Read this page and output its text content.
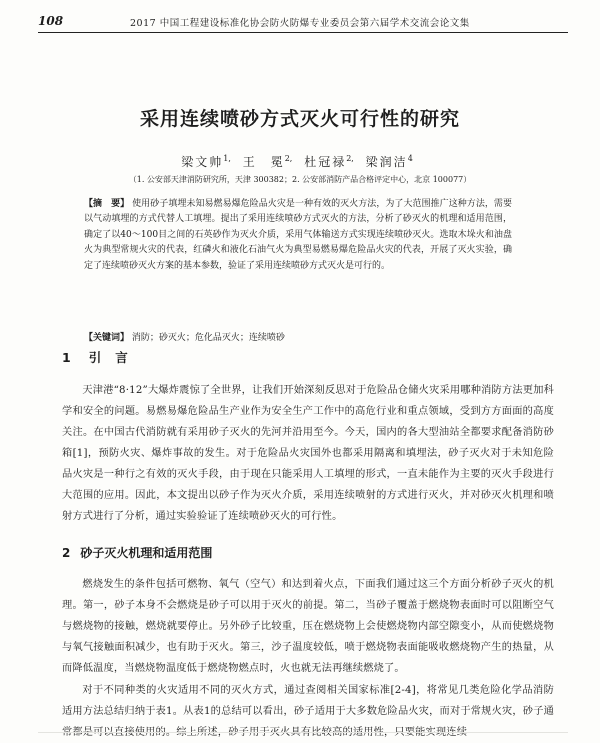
108	2017 中国工程建设标准化协会防火防爆专业委员会第六届学术交流会论文集
采用连续喷砂方式灭火可行性的研究
梁文帅$^{1,}$ 王　冕$^{2,}$ 杜冠禄$^{2,}$ 梁润洁$^4$
（1. 公安部天津消防研究所，天津 300382；2. 公安部消防产品合格评定中心，北京 100077）
【摘　要】 使用砂子填埋未知易燃易爆危险品火灾是一种有效的灭火方法，为了大范围推广这种方法，需要以气动填埋的方式代替人工填埋。提出了采用连续喷砂方式灭火的方法，分析了砂灭火的机理和适用范围，确定了以40～100目之间的石英砂作为灭火介质，采用气体输送方式实现连续喷砂灭火。选取木垛火和油盘火为典型常规火灾的代表，红磷火和液化石油气火为典型易燃易爆危险品火灾的代表，开展了灭火实验，确定了连续喷砂灭火方案的基本参数，验证了采用连续喷砂方式灭火是可行的。
【关键词】 消防；砂灭火；危化品灭火；连续喷砂
1 引言
天津港“8·12”大爆炸震惊了全世界，让我们开始深刻反思对于危险品仓储火灾采用哪种消防方法更加科学和安全的问题。易燃易爆危险品生产业作为安全生产工作中的高危行业和重点领域，受到方方面面的高度关注。在中国古代消防就有采用砂子灭火的先河并沿用至今。今天，国内的各大型油站全都要求配备消防砂箱[1]，预防火灾、爆炸事故的发生。对于危险品火灾国外也都采用隔离和填埋法，砂子灭火对于未知危险品火灾是一种行之有效的灭火手段，由于现在只能采用人工填埋的形式，一直未能作为主要的灭火手段进行大范围的应用。因此，本文提出以砂子作为灭火介质，采用连续喷射的方式进行灭火，并对砂灭火机理和喷射方式进行了分析，通过实验验证了连续喷砂灭火的可行性。
2 砂子灭火机理和适用范围
燃烧发生的条件包括可燃物、氧气（空气）和达到着火点，下面我们通过这三个方面分析砂子灭火的机理。第一，砂子本身不会燃烧是砂子可以用于灭火的前提。第二，当砂子覆盖于燃烧物表面时可以阻断空气与燃烧物的接触，燃烧就要停止。另外砂子比较重，压在燃烧物上会使燃烧物内部空隙变小，从而使燃烧物与氧气接触面积减少，也有助于灭火。第三，沙子温度较低，喷于燃烧物表面能吸收燃烧物产生的热量，从而降低温度，当燃烧物温度低于燃烧物燃点时，火也就无法再继续燃烧了。
对于不同种类的火灾适用不同的灭火方式，通过查阅相关国家标准[2-4]，将常见几类危险化学品消防适用方法总结归纳于表1。从表1的总结可以看出，砂子适用于大多数危险品火灾，而对于常规火灾，砂子通
